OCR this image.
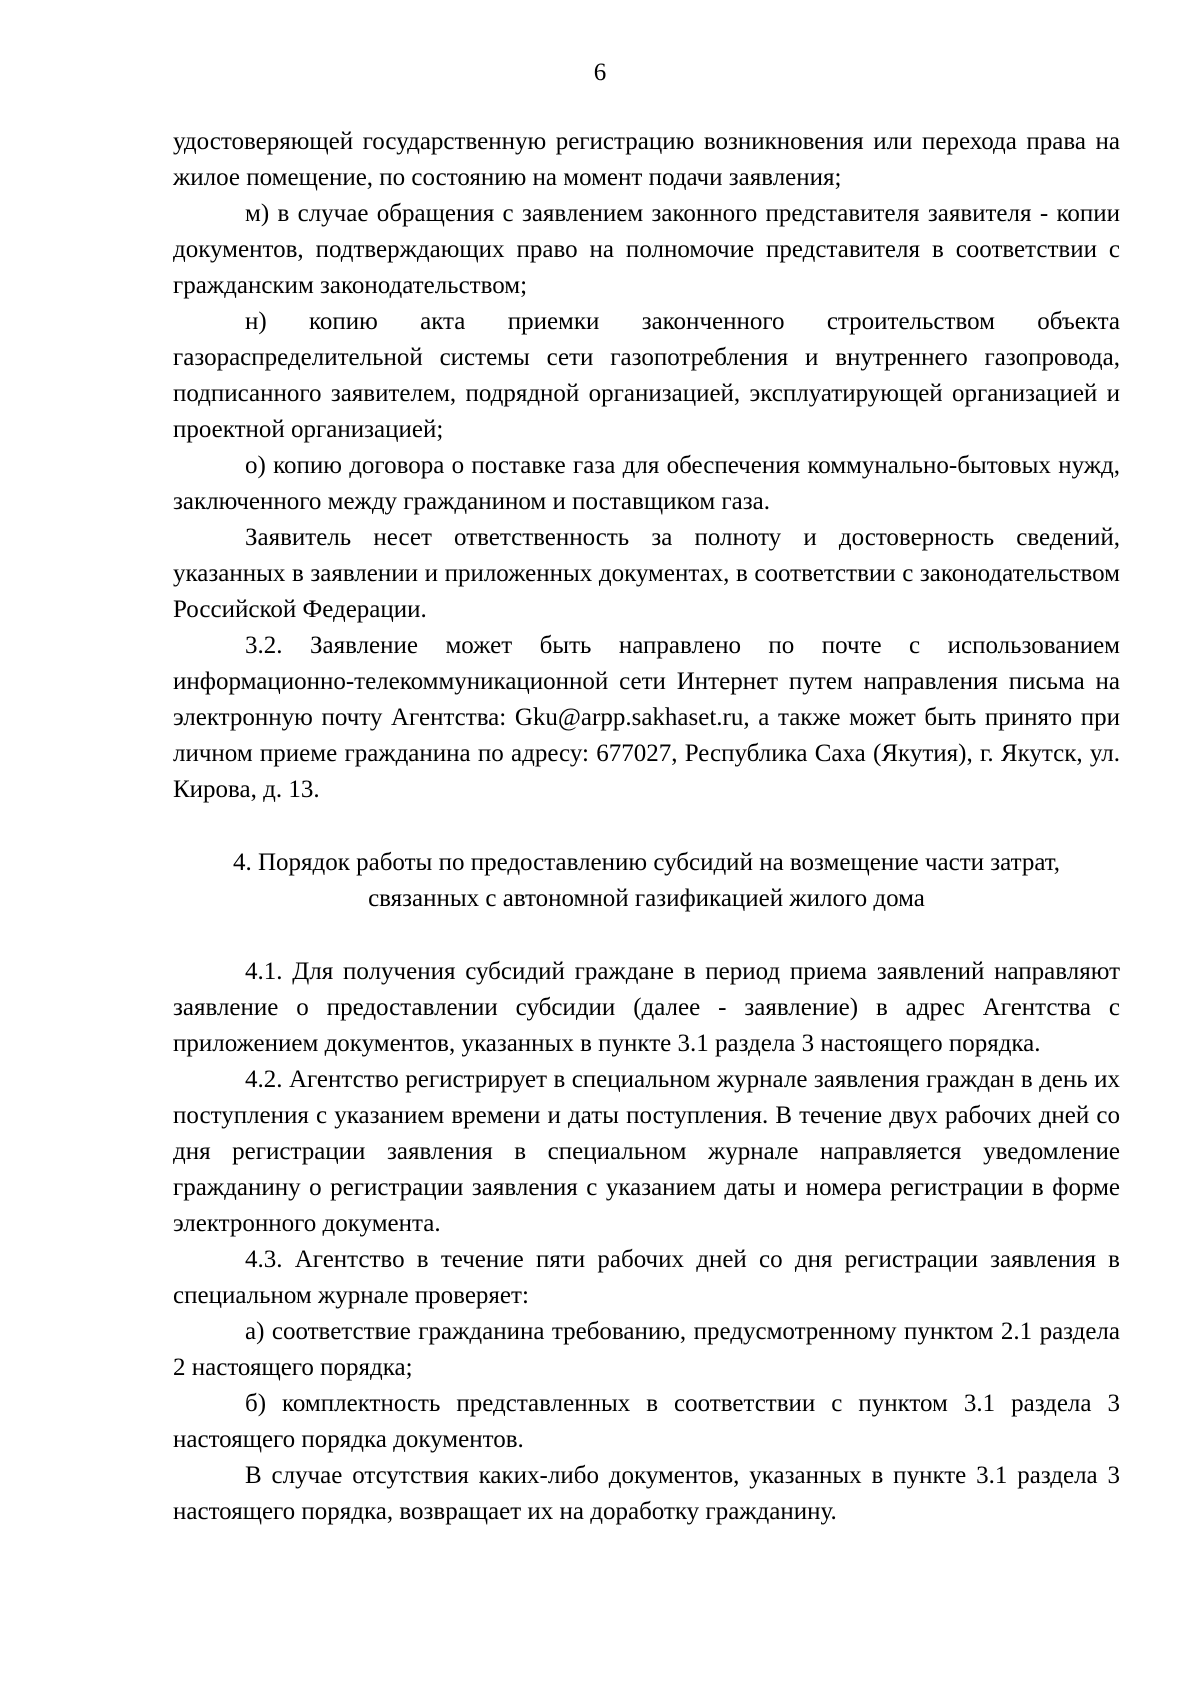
6

удостоверяющей государственную регистрацию возникновения или перехода права на жилое помещение, по состоянию на момент подачи заявления;

м) в случае обращения с заявлением законного представителя заявителя - копии документов, подтверждающих право на полномочие представителя в соответствии с гражданским законодательством;

н) копию акта приемки законченного строительством объекта газораспределительной системы сети газопотребления и внутреннего газопровода, подписанного заявителем, подрядной организацией, эксплуатирующей организацией и проектной организацией;

о) копию договора о поставке газа для обеспечения коммунально-бытовых нужд, заключенного между гражданином и поставщиком газа.

Заявитель несет ответственность за полноту и достоверность сведений, указанных в заявлении и приложенных документах, в соответствии с законодательством Российской Федерации.

3.2. Заявление может быть направлено по почте с использованием информационно-телекоммуникационной сети Интернет путем направления письма на электронную почту Агентства: Gku@arpp.sakhaset.ru, а также может быть принято при личном приеме гражданина по адресу: 677027, Республика Саха (Якутия), г. Якутск, ул. Кирова, д. 13.

4. Порядок работы по предоставлению субсидий на возмещение части затрат,
связанных с автономной газификацией жилого дома

4.1. Для получения субсидий граждане в период приема заявлений направляют заявление о предоставлении субсидии (далее - заявление) в адрес Агентства с приложением документов, указанных в пункте 3.1 раздела 3 настоящего порядка.

4.2. Агентство регистрирует в специальном журнале заявления граждан в день их поступления с указанием времени и даты поступления. В течение двух рабочих дней со дня регистрации заявления в специальном журнале направляется уведомление гражданину о регистрации заявления с указанием даты и номера регистрации в форме электронного документа.

4.3. Агентство в течение пяти рабочих дней со дня регистрации заявления в специальном журнале проверяет:

а) соответствие гражданина требованию, предусмотренному пунктом 2.1 раздела 2 настоящего порядка;

б) комплектность представленных в соответствии с пунктом 3.1 раздела 3 настоящего порядка документов.

В случае отсутствия каких-либо документов, указанных в пункте 3.1 раздела 3 настоящего порядка, возвращает их на доработку гражданину.
